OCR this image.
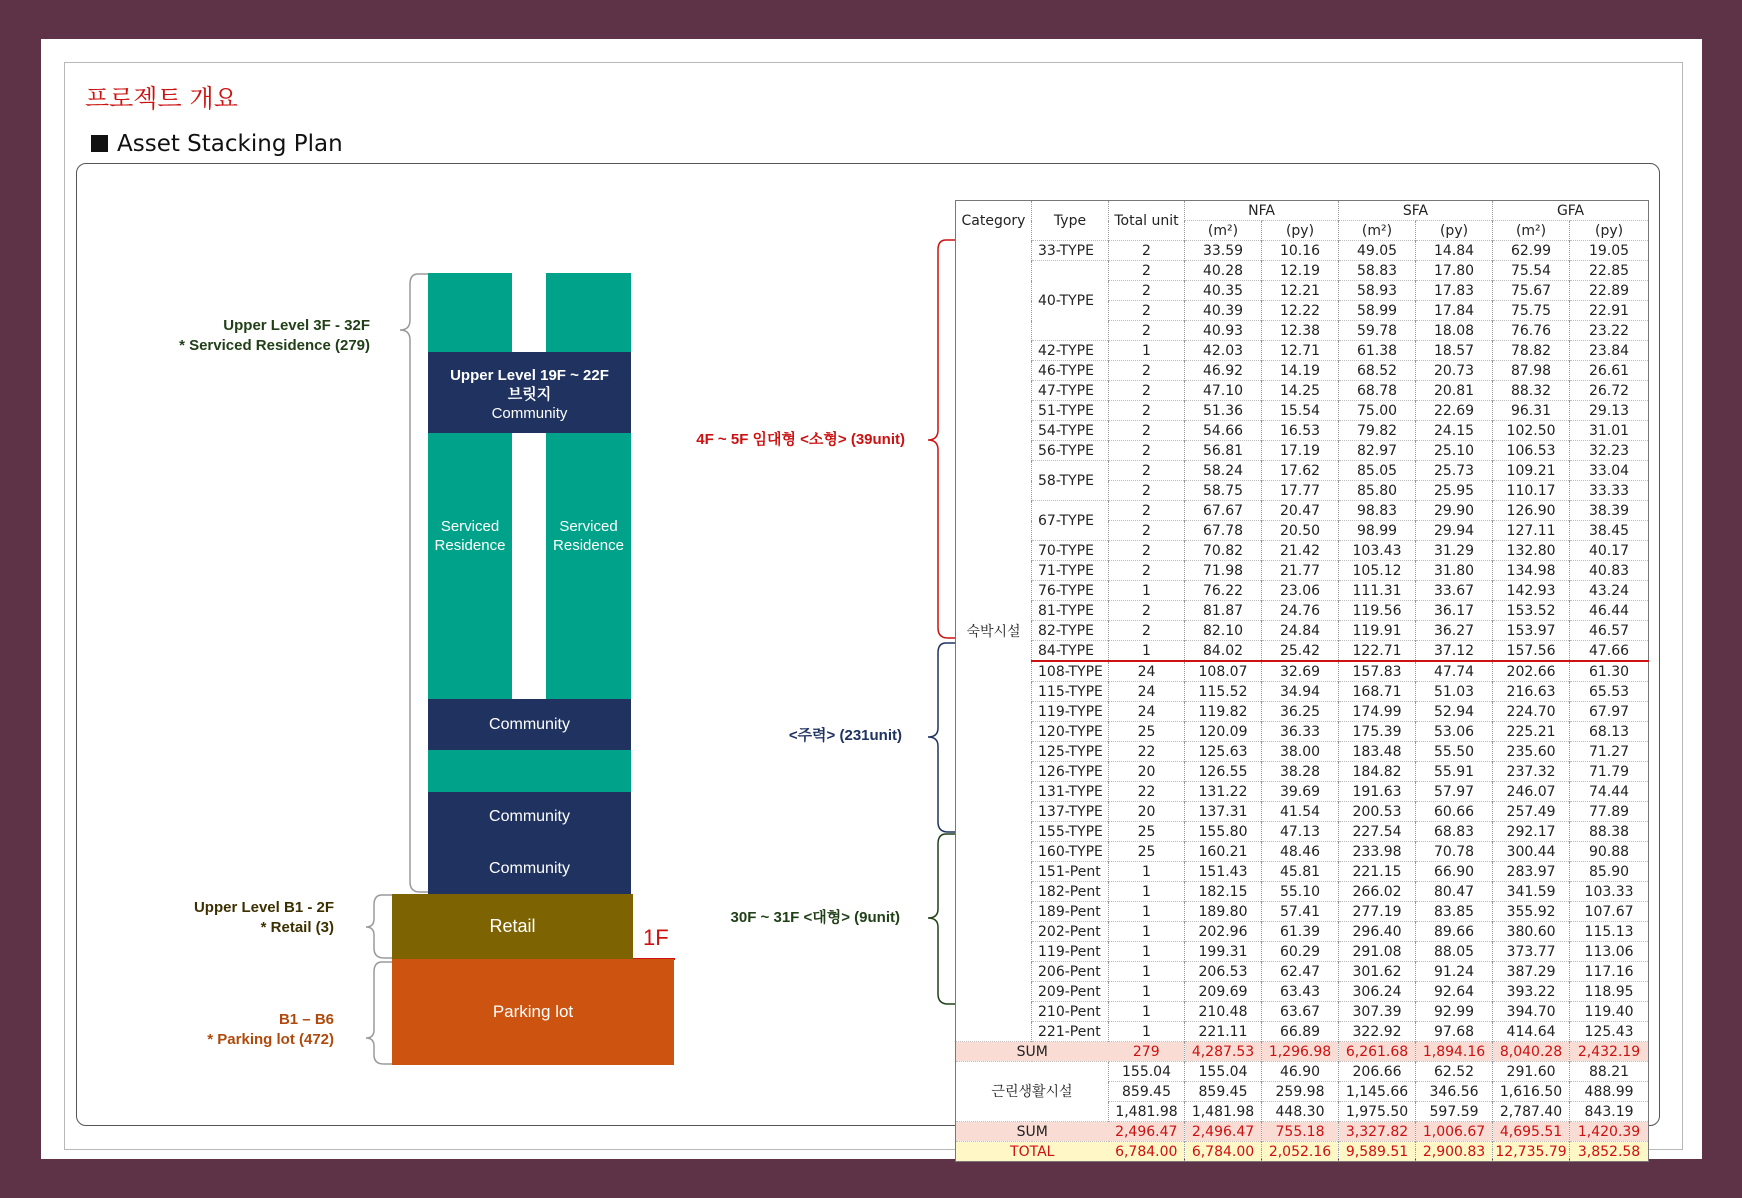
프로젝트 개요
Asset Stacking Plan
Upper Level 19F ~ 22F
브릿지
Community
Serviced
Residence
Serviced
Residence
Community
Community
Community
Retail	1F
Parking lot
Upper Level 3F - 32F
* Serviced Residence (279)
Upper Level B1 - 2F
* Retail (3)
B1 – B6
* Parking lot (472)
4F ~ 5F 임대형 <소형> (39unit)
<주력> (231unit)
30F ~ 31F <대형> (9unit)
Category	Type	Total unit	NFA		SFA		GFA	
			(m²)	(py)	(m²)	(py)	(m²)	(py)

숙박시설	33-TYPE	2	33.59	10.16	49.05	14.84	62.99	19.05
	40-TYPE	2	40.28	12.19	58.83	17.80	75.54	22.85
		2	40.35	12.21	58.93	17.83	75.67	22.89
		2	40.39	12.22	58.99	17.84	75.75	22.91
		2	40.93	12.38	59.78	18.08	76.76	23.22
	42-TYPE	1	42.03	12.71	61.38	18.57	78.82	23.84
	46-TYPE	2	46.92	14.19	68.52	20.73	87.98	26.61
	47-TYPE	2	47.10	14.25	68.78	20.81	88.32	26.72
	51-TYPE	2	51.36	15.54	75.00	22.69	96.31	29.13
	54-TYPE	2	54.66	16.53	79.82	24.15	102.50	31.01
	56-TYPE	2	56.81	17.19	82.97	25.10	106.53	32.23
	58-TYPE	2	58.24	17.62	85.05	25.73	109.21	33.04
		2	58.75	17.77	85.80	25.95	110.17	33.33
	67-TYPE	2	67.67	20.47	98.83	29.90	126.90	38.39
		2	67.78	20.50	98.99	29.94	127.11	38.45
	70-TYPE	2	70.82	21.42	103.43	31.29	132.80	40.17
	71-TYPE	2	71.98	21.77	105.12	31.80	134.98	40.83
	76-TYPE	1	76.22	23.06	111.31	33.67	142.93	43.24
	81-TYPE	2	81.87	24.76	119.56	36.17	153.52	46.44
	82-TYPE	2	82.10	24.84	119.91	36.27	153.97	46.57
	84-TYPE	1	84.02	25.42	122.71	37.12	157.56	47.66
	108-TYPE	24	108.07	32.69	157.83	47.74	202.66	61.30
	115-TYPE	24	115.52	34.94	168.71	51.03	216.63	65.53
	119-TYPE	24	119.82	36.25	174.99	52.94	224.70	67.97
	120-TYPE	25	120.09	36.33	175.39	53.06	225.21	68.13
	125-TYPE	22	125.63	38.00	183.48	55.50	235.60	71.27
	126-TYPE	20	126.55	38.28	184.82	55.91	237.32	71.79
	131-TYPE	22	131.22	39.69	191.63	57.97	246.07	74.44
	137-TYPE	20	137.31	41.54	200.53	60.66	257.49	77.89
	155-TYPE	25	155.80	47.13	227.54	68.83	292.17	88.38
	160-TYPE	25	160.21	48.46	233.98	70.78	300.44	90.88
	151-Pent	1	151.43	45.81	221.15	66.90	283.97	85.90
	182-Pent	1	182.15	55.10	266.02	80.47	341.59	103.33
	189-Pent	1	189.80	57.41	277.19	83.85	355.92	107.67
	202-Pent	1	202.96	61.39	296.40	89.66	380.60	115.13
	119-Pent	1	199.31	60.29	291.08	88.05	373.77	113.06
	206-Pent	1	206.53	62.47	301.62	91.24	387.29	117.16
	209-Pent	1	209.69	63.43	306.24	92.64	393.22	118.95
	210-Pent	1	210.48	63.67	307.39	92.99	394.70	119.40
	221-Pent	1	221.11	66.89	322.92	97.68	414.64	125.43
SUM		279	4,287.53	1,296.98	6,261.68	1,894.16	8,040.28	2,432.19
근린생활시설		155.04	155.04	46.90	206.66	62.52	291.60	88.21
		859.45	859.45	259.98	1,145.66	346.56	1,616.50	488.99
		1,481.98	1,481.98	448.30	1,975.50	597.59	2,787.40	843.19
SUM		2,496.47	2,496.47	755.18	3,327.82	1,006.67	4,695.51	1,420.39
TOTAL		6,784.00	6,784.00	2,052.16	9,589.51	2,900.83	12,735.79	3,852.58
